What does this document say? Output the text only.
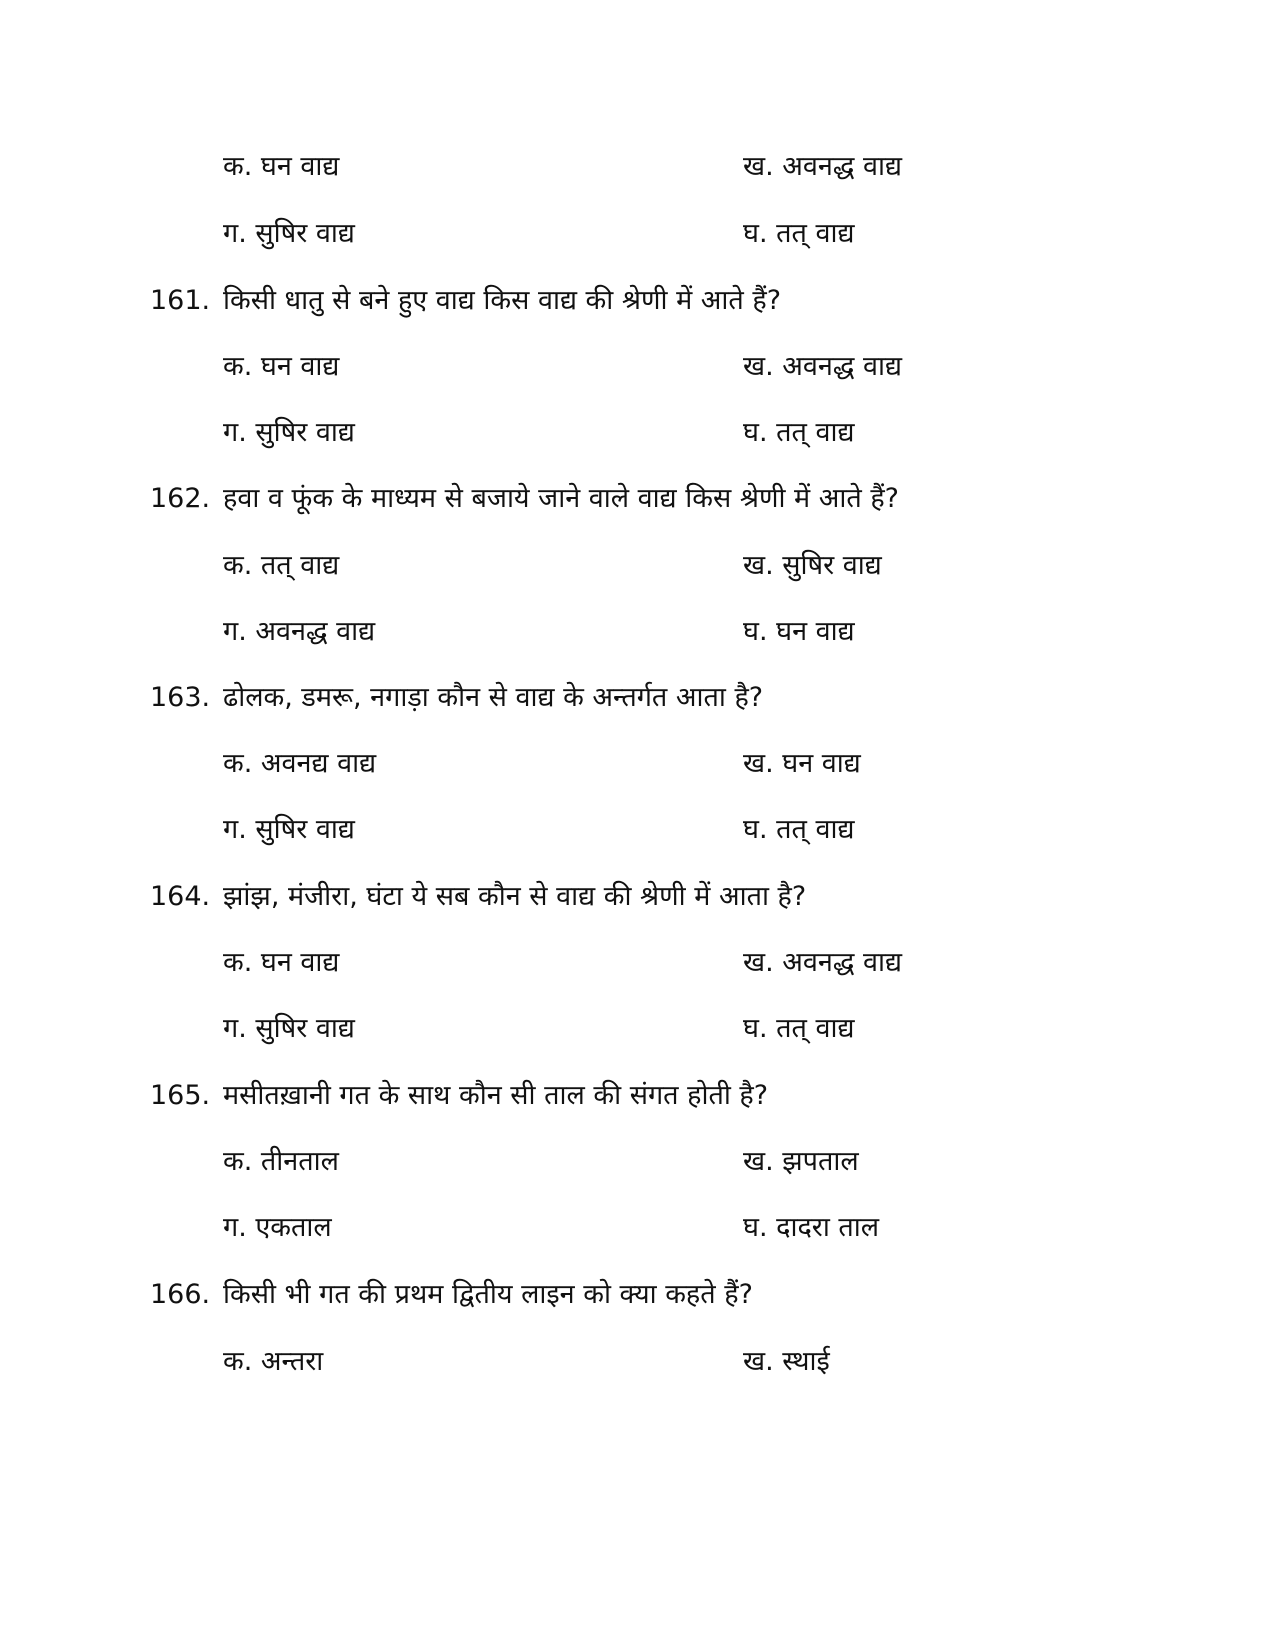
क. घन वाद्य	ख. अवनद्ध वाद्य
ग. सुषिर वाद्य	घ. तत् वाद्य
161. किसी धातु से बने हुए वाद्य किस वाद्य की श्रेणी में आते हैं?
क. घन वाद्य	ख. अवनद्ध वाद्य
ग. सुषिर वाद्य	घ. तत् वाद्य
162. हवा व फूंक के माध्यम से बजाये जाने वाले वाद्य किस श्रेणी में आते हैं?
क. तत् वाद्य	ख. सुषिर वाद्य
ग. अवनद्ध वाद्य	घ. घन वाद्य
163. ढोलक, डमरू, नगाड़ा कौन से वाद्य के अन्तर्गत आता है?
क. अवनद्य वाद्य	ख. घन वाद्य
ग. सुषिर वाद्य	घ. तत् वाद्य
164. झांझ, मंजीरा, घंटा ये सब कौन से वाद्य की श्रेणी में आता है?
क. घन वाद्य	ख. अवनद्ध वाद्य
ग. सुषिर वाद्य	घ. तत् वाद्य
165. मसीतख़ानी गत के साथ कौन सी ताल की संगत होती है?
क. तीनताल	ख. झपताल
ग. एकताल	घ. दादरा ताल
166. किसी भी गत की प्रथम द्वितीय लाइन को क्या कहते हैं?
क. अन्तरा	ख. स्थाई
